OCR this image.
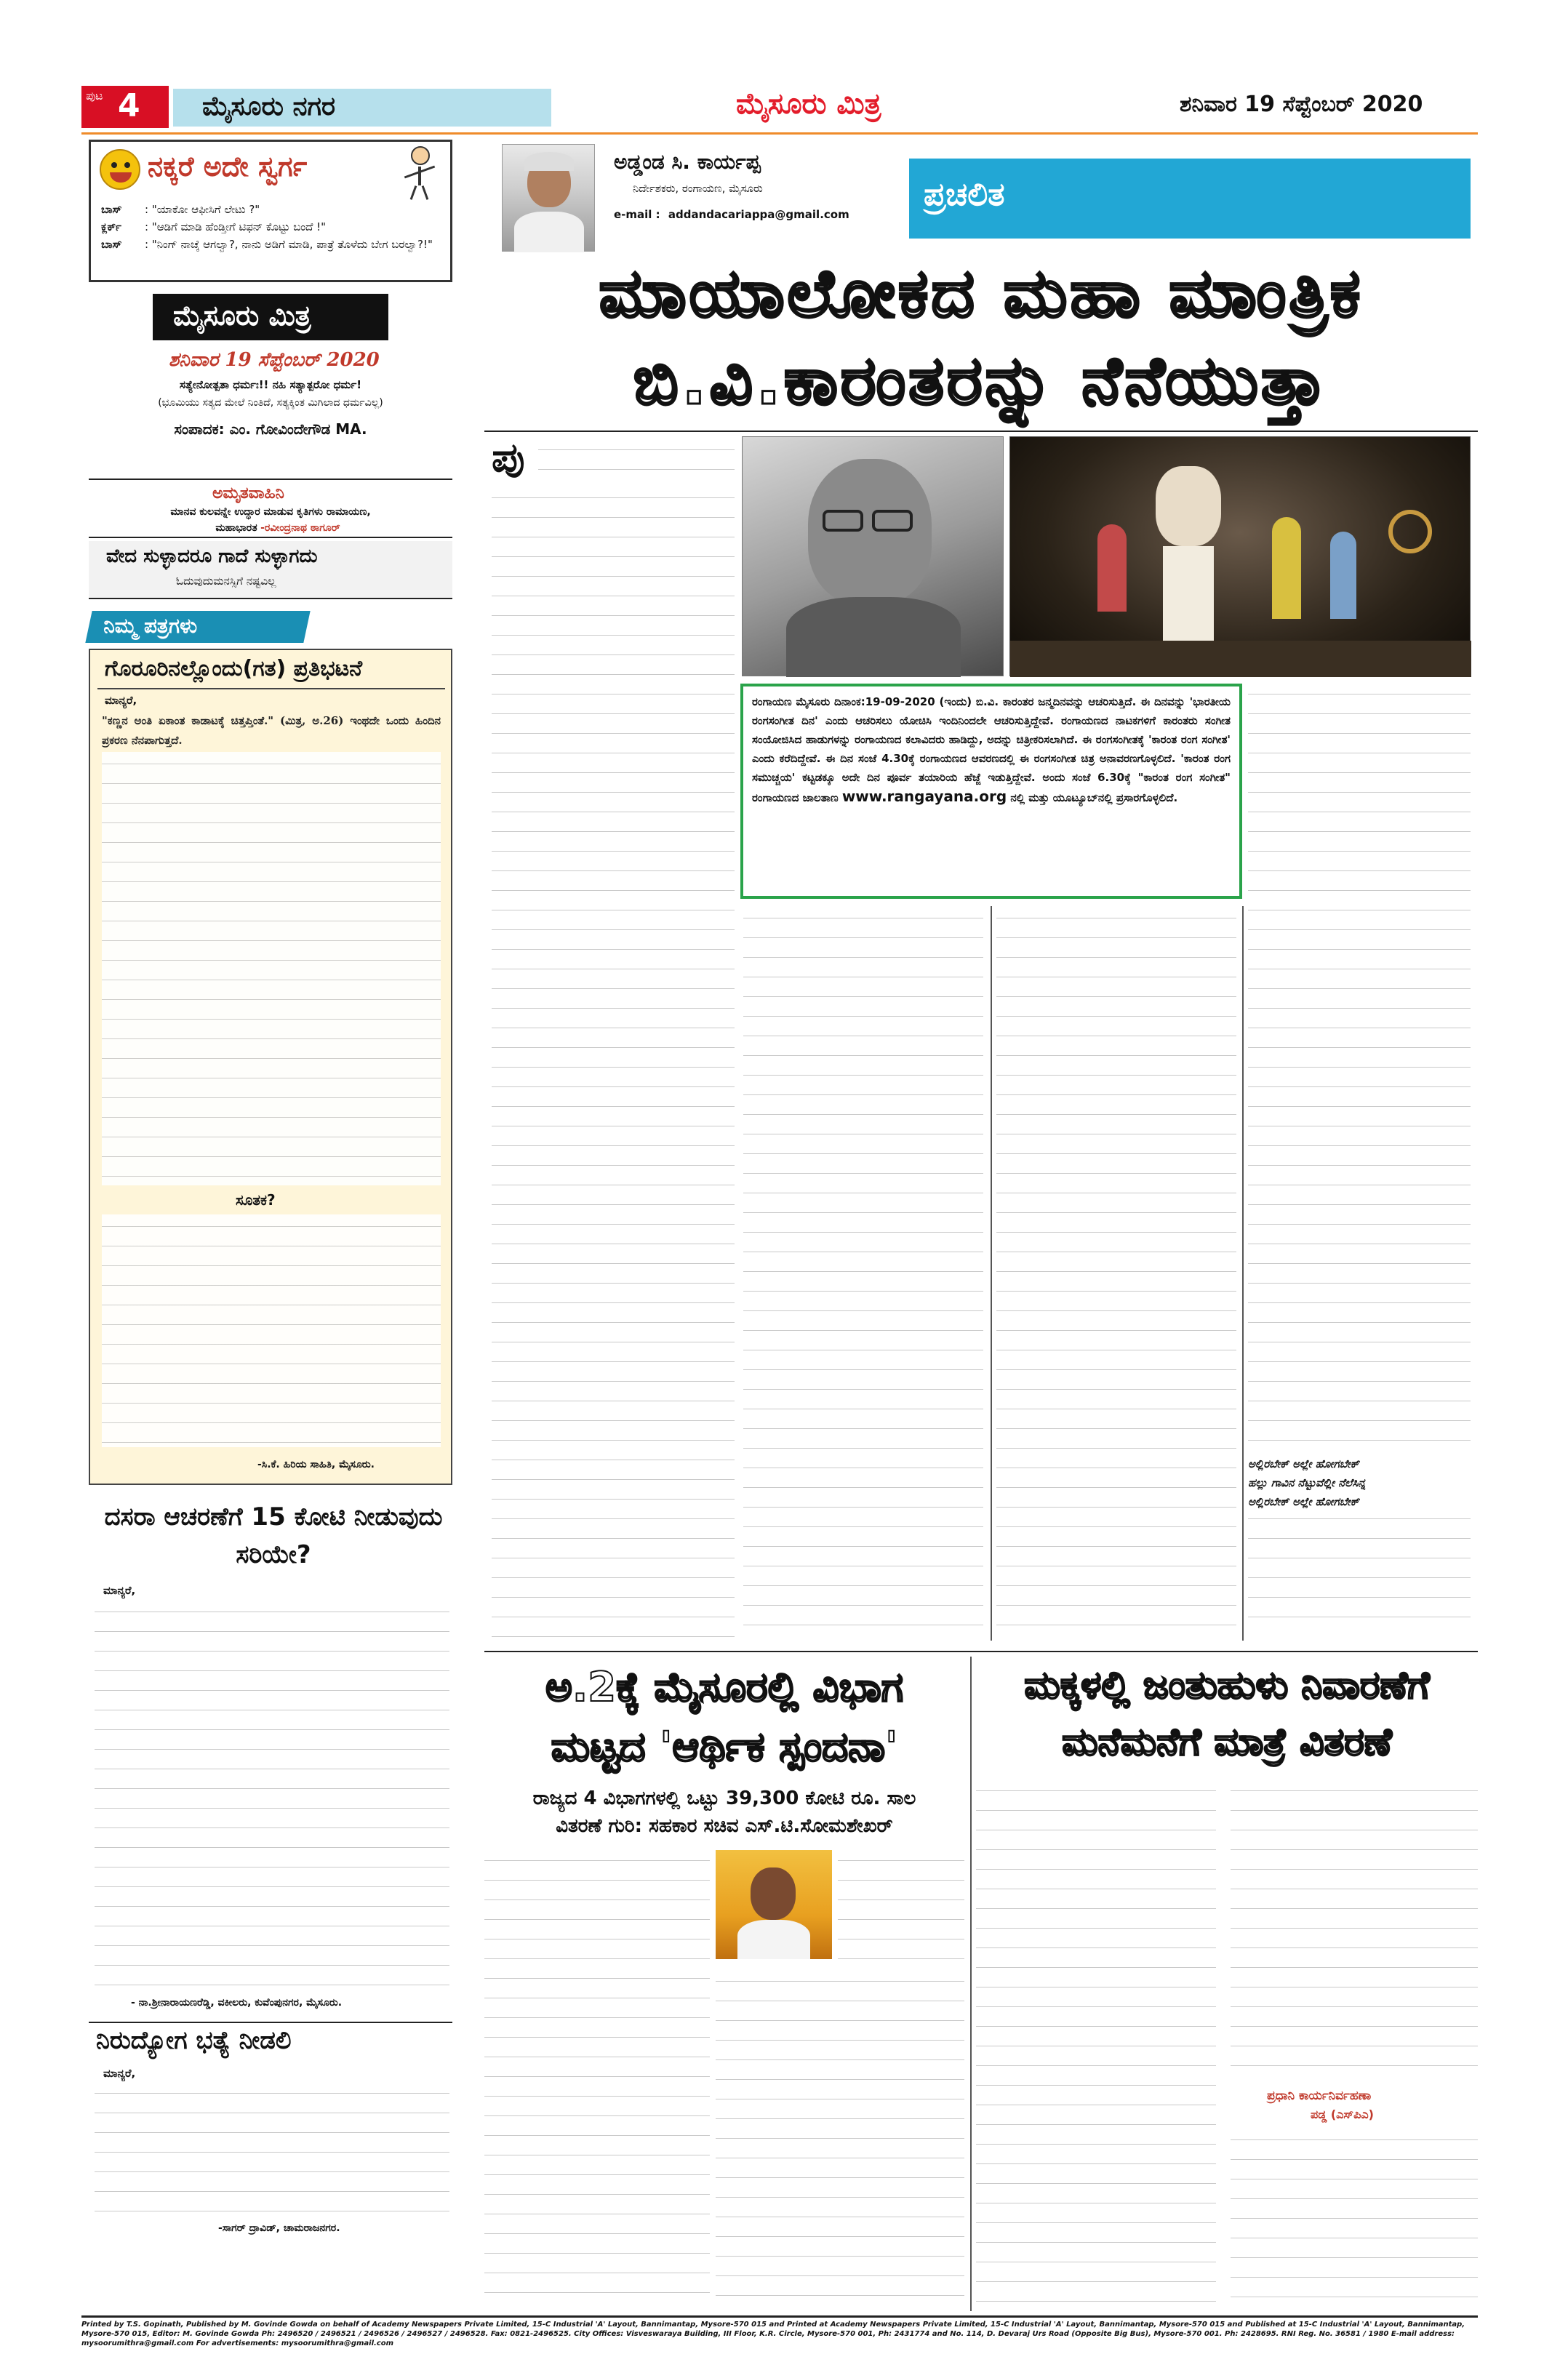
ಪುಟ 4 ಮೈಸೂರು ನಗರ	ಮೈಸೂರು ಮಿತ್ರ	ಶನಿವಾರ 19 ಸೆಪ್ಟೆಂಬರ್ 2020
ನಕ್ಕರೆ ಅದೇ ಸ್ವರ್ಗ
ಬಾಸ್ : "ಯಾಕೋ ಆಫೀಸಿಗೆ ಲೇಟು ?"
ಕ್ಲರ್ಕ್ : "ಆಡಿಗೆ ಮಾಡಿ ಹೆಂಡ್ತೀಗೆ ಟಿಫನ್ ಕೊಟ್ಟು ಬಂದೆ !"
ಬಾಸ್	: "ನಿಂಗ್ ನಾಚ್ಕೆ ಆಗಲ್ವಾ?, ನಾನು ಅಡಿಗೆ ಮಾಡಿ, ಪಾತ್ರೆ ತೊಳೆದು ಬೇಗ ಬರಲ್ವಾ?!"
ಮೈಸೂರು ಮಿತ್ರ
ಶನಿವಾರ 19 ಸೆಪ್ಟೆಂಬರ್ 2020
ಸತ್ಯೇನೋತ್ಪತಾ ಧರ್ಮಃ!! ನಹಿ ಸತ್ಯಾತ್ಪರೋ ಧರ್ಮ!
(ಭೂಮಿಯು ಸತ್ಯದ ಮೇಲೆ ನಿಂತಿದೆ, ಸತ್ಯಕ್ಕಿಂತ ಮಿಗಿಲಾದ ಧರ್ಮವಿಲ್ಲ)
ಸಂಪಾದಕ: ಎಂ. ಗೋವಿಂದೇಗೌಡ MA.
ಅಮೃತವಾಹಿನಿ
ಮಾನವ ಕುಲವನ್ನೇ ಉದ್ಧಾರ ಮಾಡುವ ಕೃತಿಗಳು ರಾಮಾಯಣ,
ಮಹಾಭಾರತ -ರವೀಂದ್ರನಾಥ ಠಾಗೂರ್
ವೇದ ಸುಳ್ಳಾದರೂ ಗಾದೆ ಸುಳ್ಳಾಗದು
ಓದುವುದುಮನಸ್ಸಿಗೆ ನಷ್ಟವಿಲ್ಲ
ನಿಮ್ಮ ಪತ್ರಗಳು
ಗೊರೂರಿನಲ್ಲೊಂದು(ಗತ) ಪ್ರತಿಭಟನೆ
ಮಾನ್ಯರೆ,
"ಕಣ್ಣನ ಅಂತಿ ಏಕಾಂತ ಕಾಡಾಟಕ್ಕೆ ಚಿತ್ತಪ್ತಿಂತೆ." (ಮಿತ್ರ, ಅ.26) ಇಂಥದೇ ಒಂದು ಹಿಂದಿನ ಪ್ರಕರಣ ನೆನಪಾಗುತ್ತದೆ.
ಸೂತಕ?
-ಸಿ.ಕೆ. ಹಿರಿಯ ಸಾಹಿತಿ, ಮೈಸೂರು.
ದಸರಾ ಆಚರಣೆಗೆ 15 ಕೋಟಿ ನೀಡುವುದು ಸರಿಯೇ?
ಮಾನ್ಯರೆ,
- ನಾ.ಶ್ರೀನಾರಾಯಣರೆಡ್ಡಿ, ವಕೀಲರು, ಕುವೆಂಪುನಗರ, ಮೈಸೂರು.
ನಿರುದ್ಯೋಗ ಭತ್ಯೆ ನೀಡಲಿ
ಮಾನ್ಯರೆ,
-ಸಾಗರ್ ದ್ರಾವಿಡ್, ಚಾಮರಾಜನಗರ.
ಅಡ್ಡಂಡ ಸಿ. ಕಾರ್ಯಪ್ಪ
ನಿರ್ದೇಶಕರು, ರಂಗಾಯಣ, ಮೈಸೂರು
e-mail : addandacariappa@gmail.com
ಪ್ರಚಲಿತ
ಮಾಯಾಲೋಕದ ಮಹಾ ಮಾಂತ್ರಿಕ
ಬಿ.ವಿ.ಕಾರಂತರನ್ನು ನೆನೆಯುತ್ತಾ
ಪು
ರಂಗಾಯಣ ಮೈಸೂರು ದಿನಾಂಕ:19-09-2020 (ಇಂದು) ಬಿ.ವಿ. ಕಾರಂತರ ಜನ್ಮದಿನವನ್ನು ಆಚರಿಸುತ್ತಿದೆ. ಈ ದಿನವನ್ನು 'ಭಾರತೀಯ ರಂಗಸಂಗೀತ ದಿನ' ಎಂದು ಆಚರಿಸಲು ಯೋಚಿಸಿ ಇಂದಿನಿಂದಲೇ ಆಚರಿಸುತ್ತಿದ್ದೇವೆ. ರಂಗಾಯಣದ ನಾಟಕಗಳಿಗೆ ಕಾರಂತರು ಸಂಗೀತ ಸಂಯೋಜಿಸಿದ ಹಾಡುಗಳನ್ನು ರಂಗಾಯಣದ ಕಲಾವಿದರು ಹಾಡಿದ್ದು, ಅದನ್ನು ಚಿತ್ರೀಕರಿಸಲಾಗಿದೆ. ಈ ರಂಗಸಂಗೀತಕ್ಕೆ 'ಕಾರಂತ ರಂಗ ಸಂಗೀತ' ಎಂದು ಕರೆದಿದ್ದೇವೆ. ಈ ದಿನ ಸಂಜೆ 4.30ಕ್ಕೆ ರಂಗಾಯಣದ ಆವರಣದಲ್ಲಿ ಈ ರಂಗಸಂಗೀತ ಚಿತ್ರ ಅನಾವರಣಗೊಳ್ಳಲಿದೆ. 'ಕಾರಂತ ರಂಗ ಸಮುಚ್ಚಯ' ಕಟ್ಟಡಕ್ಕೂ ಅದೇ ದಿನ ಪೂರ್ವ ತಯಾರಿಯ ಹೆಜ್ಜೆ ಇಡುತ್ತಿದ್ದೇವೆ. ಅಂದು ಸಂಜೆ 6.30ಕ್ಕೆ "ಕಾರಂತ ರಂಗ ಸಂಗೀತ" ರಂಗಾಯಣದ ಜಾಲತಾಣ www.rangayana.org ನಲ್ಲಿ ಮತ್ತು ಯೂಟ್ಯೂಬ್‌ನಲ್ಲಿ ಪ್ರಸಾರಗೊಳ್ಳಲಿದೆ.
ಅಲ್ಲಿರಬೇಕ್ ಅಲ್ಲೇ ಹೋಗಬೇಕ್
ಹಲ್ಲು ಗಾವಿನ ನೆಟ್ಟುವೆಲ್ಲೀ ನೆಲೆಸಿನ್ನ
ಅಲ್ಲಿರಬೇಕ್ ಅಲ್ಲೇ ಹೋಗಬೇಕ್
ಅ.2ಕ್ಕೆ ಮೈಸೂರಲ್ಲಿ ವಿಭಾಗ
ಮಟ್ಟದ 'ಆರ್ಥಿಕ ಸ್ಪಂದನಾ'
ರಾಜ್ಯದ 4 ವಿಭಾಗಗಳಲ್ಲಿ ಒಟ್ಟು 39,300 ಕೋಟಿ ರೂ. ಸಾಲ
ವಿತರಣೆ ಗುರಿ: ಸಹಕಾರ ಸಚಿವ ಎಸ್.ಟಿ.ಸೋಮಶೇಖರ್
ಮಕ್ಕಳಲ್ಲಿ ಜಂತುಹುಳು ನಿವಾರಣೆಗೆ
ಮನೆಮನೆಗೆ ಮಾತ್ರೆ ವಿತರಣೆ
ಪ್ರಧಾನಿ ಕಾರ್ಯನಿರ್ವಹಣಾ
ಪಡ್ಡ (ಎಸ್‌ಪಿಎ)
Printed by T.S. Gopinath, Published by M. Govinde Gowda on behalf of Academy Newspapers Private Limited, 15-C Industrial 'A' Layout, Bannimantap, Mysore-570 015 and Printed at Academy Newspapers Private Limited, 15-C Industrial 'A' Layout, Bannimantap, Mysore-570 015 and Published at 15-C Industrial 'A' Layout, Bannimantap, Mysore-570 015, Editor: M. Govinde Gowda Ph: 2496520 / 2496521 / 2496526 / 2496527 / 2496528. Fax: 0821-2496525. City Offices: Visveswaraya Building, III Floor, K.R. Circle, Mysore-570 001, Ph: 2431774 and No. 114, D. Devaraj Urs Road (Opposite Big Bus), Mysore-570 001. Ph: 2428695. RNI Reg. No. 36581 / 1980 E-mail address: mysoorumithra@gmail.com For advertisements: mysoorumithra@gmail.com
